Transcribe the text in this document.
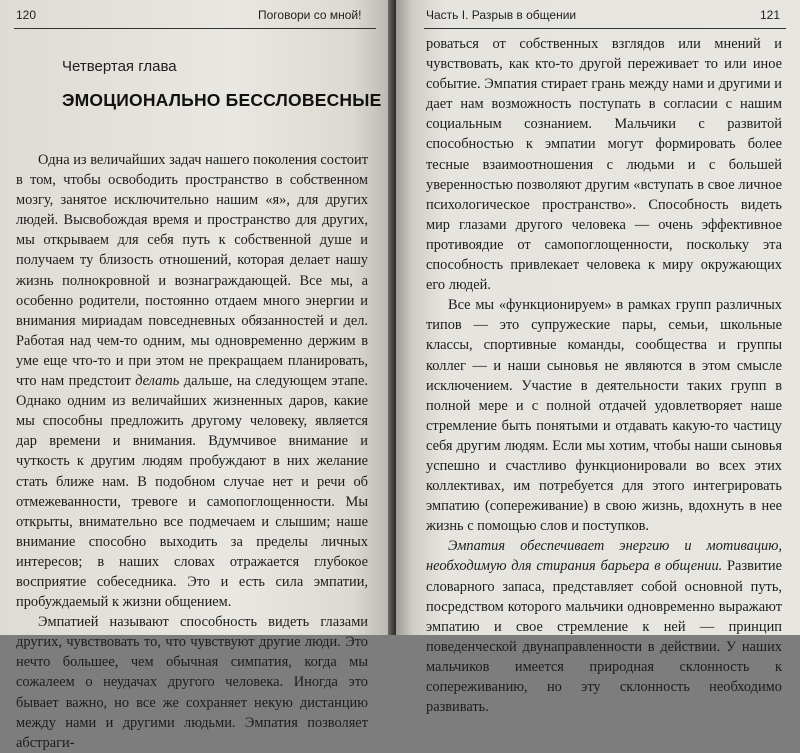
120	Поговори со мной!
Четвертая глава
ЭМОЦИОНАЛЬНО БЕССЛОВЕСНЫЕ

Одна из величайших задач нашего поколения состоит в том, чтобы освободить пространство в собственном мозгу, занятое исключительно нашим «я», для других людей. Высвобождая время и пространство для других, мы открываем для себя путь к собственной душе и получаем ту близость отношений, которая делает нашу жизнь полнокровной и вознаграждающей. Все мы, а особенно родители, постоянно отдаем много энергии и внимания мириадам повседневных обязанностей и дел. Работая над чем-то одним, мы одновременно держим в уме еще что-то и при этом не прекращаем планировать, что нам предстоит делать дальше, на следующем этапе. Однако одним из величайших жизненных даров, какие мы способны предложить другому человеку, является дар времени и внимания. Вдумчивое внимание и чуткость к другим людям пробуждают в них желание стать ближе нам. В подобном случае нет и речи об отмежеванности, тревоге и самопоглощенности. Мы открыты, внимательно все подмечаем и слышим; наше внимание способно выходить за пределы личных интересов; в наших словах отражается глубокое восприятие собеседника. Это и есть сила эмпатии, пробуждаемый к жизни общением.

Эмпатией называют способность видеть глазами других, чувствовать то, что чувствуют другие люди. Это нечто большее, чем обычная симпатия, когда мы сожалеем о неудачах другого человека. Иногда это бывает важно, но все же сохраняет некую дистанцию между нами и другими людьми. Эмпатия позволяет абстраги-

Часть I. Разрыв в общении	121

роваться от собственных взглядов или мнений и чувствовать, как кто-то другой переживает то или иное событие. Эмпатия стирает грань между нами и другими и дает нам возможность поступать в согласии с нашим социальным сознанием. Мальчики с развитой способностью к эмпатии могут формировать более тесные взаимоотношения с людьми и с большей уверенностью позволяют другим «вступать в свое личное психологическое пространство». Способность видеть мир глазами другого человека — очень эффективное противоядие от самопоглощенности, поскольку эта способность привлекает человека к миру окружающих его людей.

Все мы «функционируем» в рамках групп различных типов — это супружеские пары, семьи, школьные классы, спортивные команды, сообщества и группы коллег — и наши сыновья не являются в этом смысле исключением. Участие в деятельности таких групп в полной мере и с полной отдачей удовлетворяет наше стремление быть понятыми и отдавать какую-то частицу себя другим людям. Если мы хотим, чтобы наши сыновья успешно и счастливо функционировали во всех этих коллективах, им потребуется для этого интегрировать эмпатию (сопереживание) в свою жизнь, вдохнуть в нее жизнь с помощью слов и поступков.

Эмпатия обеспечивает энергию и мотивацию, необходимую для стирания барьера в общении. Развитие словарного запаса, представляет собой основной путь, посредством которого мальчики одновременно выражают эмпатию и свое стремление к ней — принцип поведенческой двунаправленности в действии. У наших мальчиков имеется природная склонность к сопереживанию, но эту склонность необходимо развивать.
